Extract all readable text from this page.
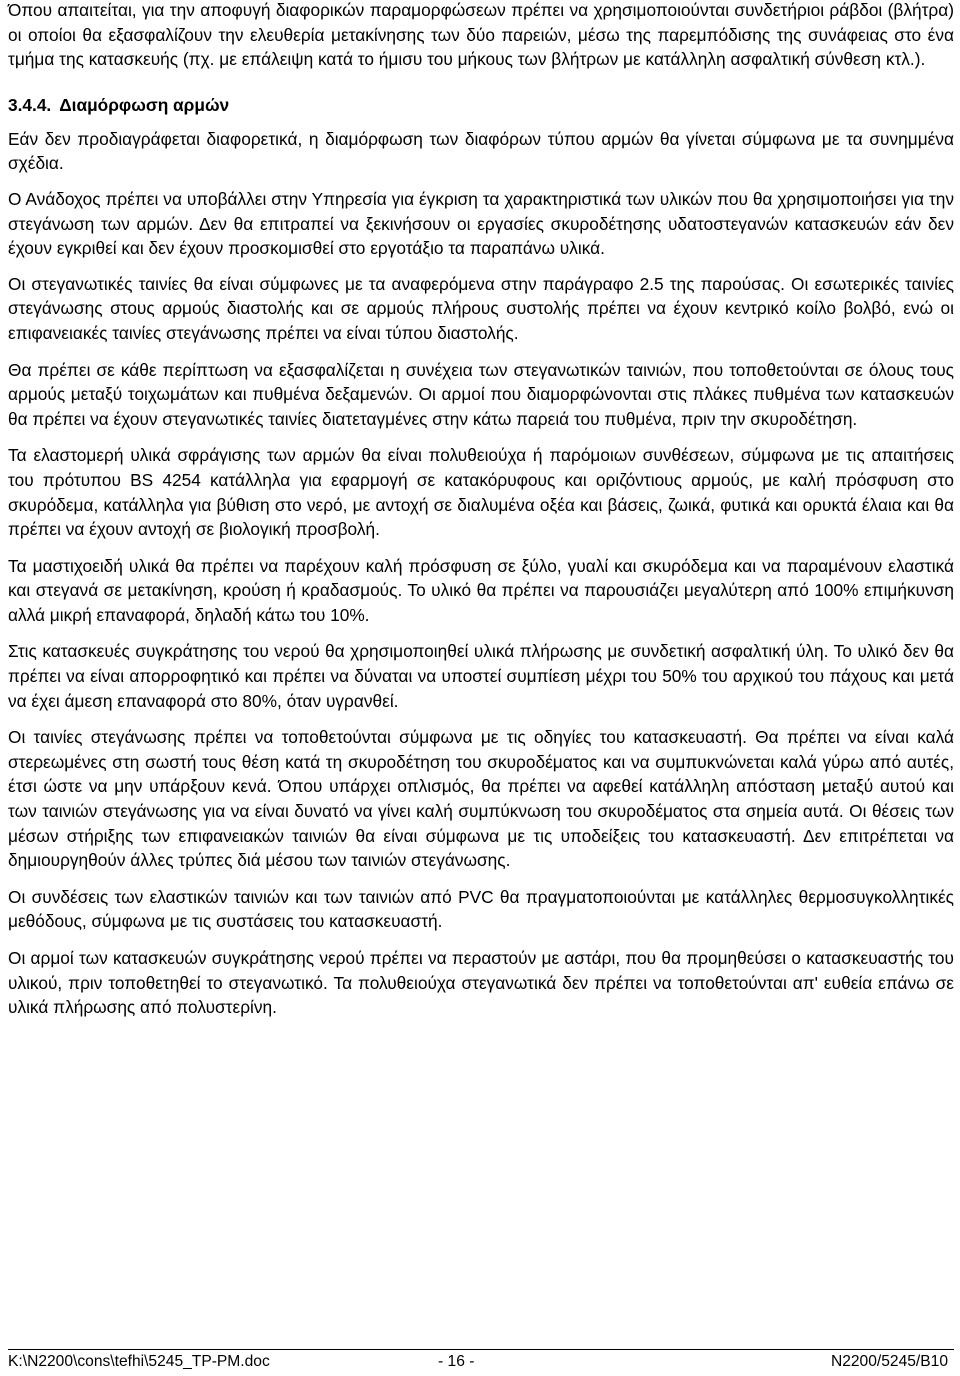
Όπου απαιτείται, για την αποφυγή διαφορικών παραμορφώσεων πρέπει να χρησιμοποιούνται συνδετήριοι ράβδοι (βλήτρα) οι οποίοι θα εξασφαλίζουν την ελευθερία μετακίνησης των δύο παρειών, μέσω της παρεμπόδισης της συνάφειας στο ένα τμήμα της κατασκευής (πχ. με επάλειψη κατά το ήμισυ του μήκους των βλήτρων με κατάλληλη ασφαλτική σύνθεση κτλ.).

3.4.4. Διαμόρφωση αρμών

Εάν δεν προδιαγράφεται διαφορετικά, η διαμόρφωση των διαφόρων τύπου αρμών θα γίνεται σύμφωνα με τα συνημμένα σχέδια.

Ο Ανάδοχος πρέπει να υποβάλλει στην Υπηρεσία για έγκριση τα χαρακτηριστικά των υλικών που θα χρησιμοποιήσει για την στεγάνωση των αρμών. Δεν θα επιτραπεί να ξεκινήσουν οι εργασίες σκυροδέτησης υδατοστεγανών κατασκευών εάν δεν έχουν εγκριθεί και δεν έχουν προσκομισθεί στο εργοτάξιο τα παραπάνω υλικά.

Οι στεγανωτικές ταινίες θα είναι σύμφωνες με τα αναφερόμενα στην παράγραφο 2.5 της παρούσας. Οι εσωτερικές ταινίες στεγάνωσης στους αρμούς διαστολής και σε αρμούς πλήρους συστολής πρέπει να έχουν κεντρικό κοίλο βολβό, ενώ οι επιφανειακές ταινίες στεγάνωσης πρέπει να είναι τύπου διαστολής.

Θα πρέπει σε κάθε περίπτωση να εξασφαλίζεται η συνέχεια των στεγανωτικών ταινιών, που τοποθετούνται σε όλους τους αρμούς μεταξύ τοιχωμάτων και πυθμένα δεξαμενών. Οι αρμοί που διαμορφώνονται στις πλάκες πυθμένα των κατασκευών θα πρέπει να έχουν στεγανωτικές ταινίες διατεταγμένες στην κάτω παρειά του πυθμένα, πριν την σκυροδέτηση.

Τα ελαστομερή υλικά σφράγισης των αρμών θα είναι πολυθειούχα ή παρόμοιων συνθέσεων, σύμφωνα με τις απαιτήσεις του πρότυπου BS 4254 κατάλληλα για εφαρμογή σε κατακόρυφους και οριζόντιους αρμούς, με καλή πρόσφυση στο σκυρόδεμα, κατάλληλα για βύθιση στο νερό, με αντοχή σε διαλυμένα οξέα και βάσεις, ζωικά, φυτικά και ορυκτά έλαια και θα πρέπει να έχουν αντοχή σε βιολογική προσβολή.

Τα μαστιχοειδή υλικά θα πρέπει να παρέχουν καλή πρόσφυση σε ξύλο, γυαλί και σκυρόδεμα και να παραμένουν ελαστικά και στεγανά σε μετακίνηση, κρούση ή κραδασμούς. Το υλικό θα πρέπει να παρουσιάζει μεγαλύτερη από 100% επιμήκυνση αλλά μικρή επαναφορά, δηλαδή κάτω του 10%.

Στις κατασκευές συγκράτησης του νερού θα χρησιμοποιηθεί υλικά πλήρωσης με συνδετική ασφαλτική ύλη. Το υλικό δεν θα πρέπει να είναι απορροφητικό και πρέπει να δύναται να υποστεί συμπίεση μέχρι του 50% του αρχικού του πάχους και μετά να έχει άμεση επαναφορά στο 80%, όταν υγρανθεί.

Οι ταινίες στεγάνωσης πρέπει να τοποθετούνται σύμφωνα με τις οδηγίες του κατασκευαστή. Θα πρέπει να είναι καλά στερεωμένες στη σωστή τους θέση κατά τη σκυροδέτηση του σκυροδέματος και να συμπυκνώνεται καλά γύρω από αυτές, έτσι ώστε να μην υπάρξουν κενά. Όπου υπάρχει οπλισμός, θα πρέπει να αφεθεί κατάλληλη απόσταση μεταξύ αυτού και των ταινιών στεγάνωσης για να είναι δυνατό να γίνει καλή συμπύκνωση του σκυροδέματος στα σημεία αυτά. Οι θέσεις των μέσων στήριξης των επιφανειακών ταινιών θα είναι σύμφωνα με τις υποδείξεις του κατασκευαστή. Δεν επιτρέπεται να δημιουργηθούν άλλες τρύπες διά μέσου των ταινιών στεγάνωσης.

Οι συνδέσεις των ελαστικών ταινιών και των ταινιών από PVC θα πραγματοποιούνται με κατάλληλες θερμοσυγκολλητικές μεθόδους, σύμφωνα με τις συστάσεις του κατασκευαστή.

Οι αρμοί των κατασκευών συγκράτησης νερού πρέπει να περαστούν με αστάρι, που θα προμηθεύσει ο κατασκευαστής του υλικού, πριν τοποθετηθεί το στεγανωτικό. Τα πολυθειούχα στεγανωτικά δεν πρέπει να τοποθετούνται απ' ευθεία επάνω σε υλικά πλήρωσης από πολυστερίνη.

K:\N2200\cons\tefhi\5245_TP-PM.doc	- 16 -	N2200/5245/B10
